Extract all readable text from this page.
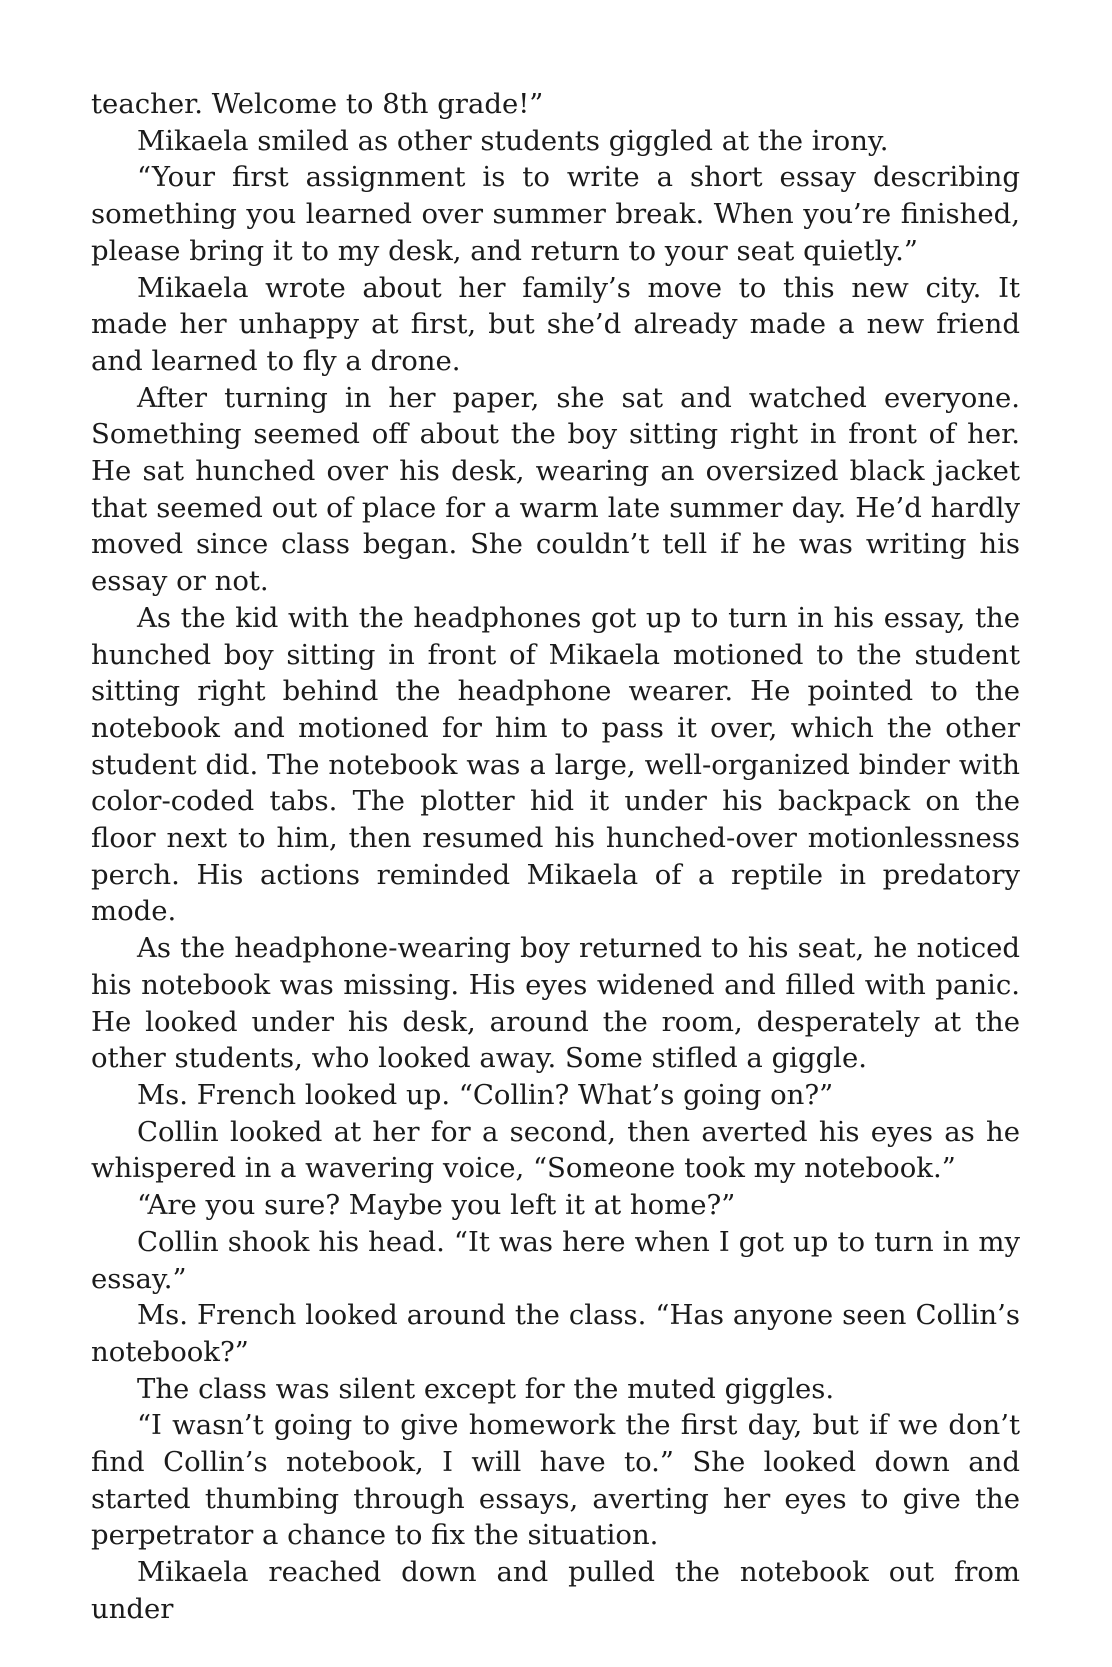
teacher. Welcome to 8th grade!”

Mikaela smiled as other students giggled at the irony.

“Your first assignment is to write a short essay describing something you learned over summer break. When you’re finished, please bring it to my desk, and return to your seat quietly.”

Mikaela wrote about her family’s move to this new city. It made her unhappy at first, but she’d already made a new friend and learned to fly a drone.

After turning in her paper, she sat and watched everyone. Something seemed off about the boy sitting right in front of her. He sat hunched over his desk, wearing an oversized black jacket that seemed out of place for a warm late summer day. He’d hardly moved since class began. She couldn’t tell if he was writing his essay or not.

As the kid with the headphones got up to turn in his essay, the hunched boy sitting in front of Mikaela motioned to the student sitting right behind the headphone wearer. He pointed to the notebook and motioned for him to pass it over, which the other student did. The notebook was a large, well-organized binder with color-coded tabs. The plotter hid it under his backpack on the floor next to him, then resumed his hunched-over motionlessness perch. His actions reminded Mikaela of a reptile in predatory mode.

As the headphone-wearing boy returned to his seat, he noticed his notebook was missing. His eyes widened and filled with panic. He looked under his desk, around the room, desperately at the other students, who looked away. Some stifled a giggle.

Ms. French looked up. “Collin? What’s going on?”

Collin looked at her for a second, then averted his eyes as he whispered in a wavering voice, “Someone took my notebook.”

“Are you sure? Maybe you left it at home?”

Collin shook his head. “It was here when I got up to turn in my essay.”

Ms. French looked around the class. “Has anyone seen Collin’s notebook?”

The class was silent except for the muted giggles.

“I wasn’t going to give homework the first day, but if we don’t find Collin’s notebook, I will have to.” She looked down and started thumbing through essays, averting her eyes to give the perpetrator a chance to fix the situation.

Mikaela reached down and pulled the notebook out from under
